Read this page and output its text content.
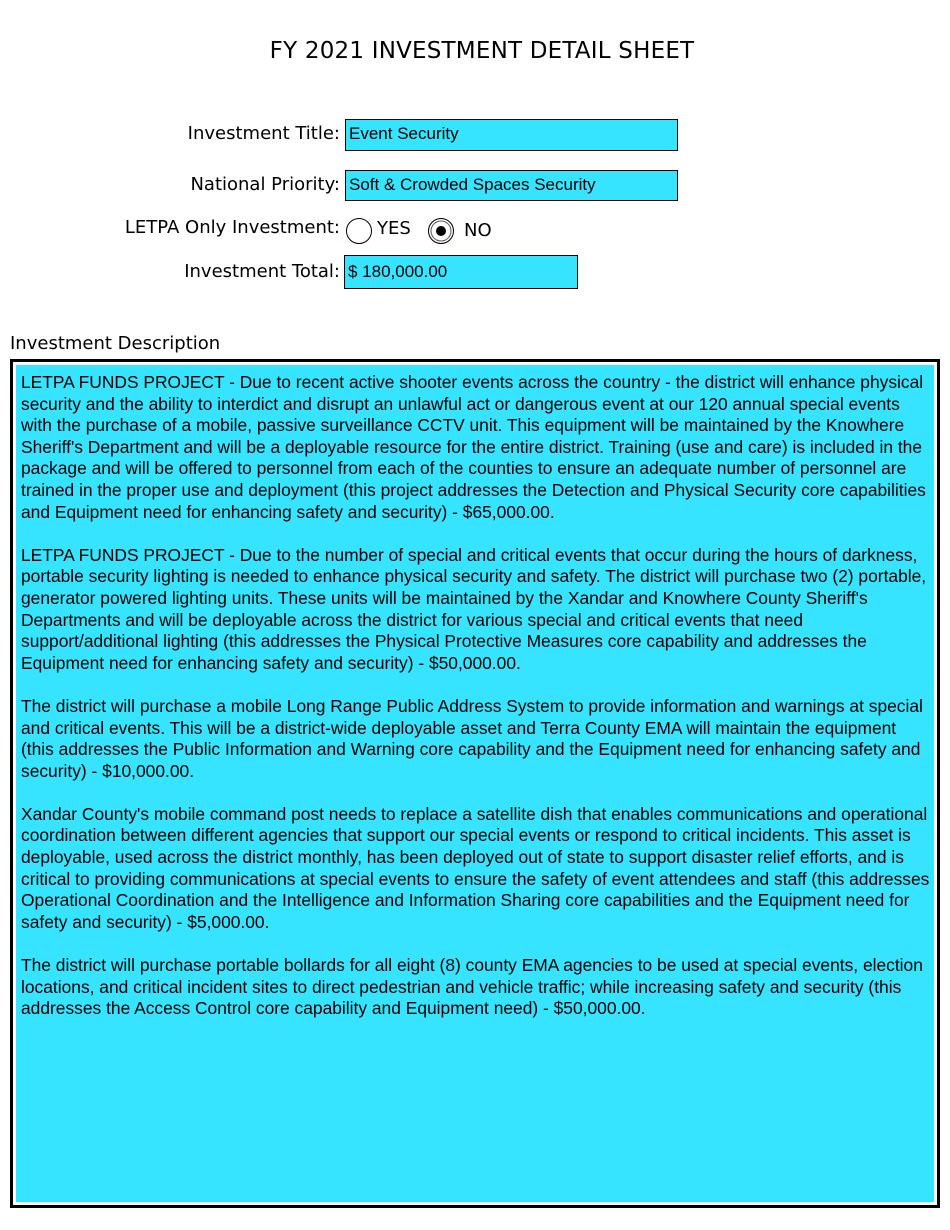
FY 2021 INVESTMENT DETAIL SHEET
Investment Title: Event Security
National Priority: Soft & Crowded Spaces Security
LETPA Only Investment: YES	NO
Investment Total: $ 180,000.00
Investment Description

LETPA FUNDS PROJECT - Due to recent active shooter events across the country - the district will enhance physical security and the ability to interdict and disrupt an unlawful act or dangerous event at our 120 annual special events with the purchase of a mobile, passive surveillance CCTV unit. This equipment will be maintained by the Knowhere Sheriff's Department and will be a deployable resource for the entire district. Training (use and care) is included in the package and will be offered to personnel from each of the counties to ensure an adequate number of personnel are trained in the proper use and deployment (this project addresses the Detection and Physical Security core capabilities and Equipment need for enhancing safety and security) - $65,000.00.

LETPA FUNDS PROJECT - Due to the number of special and critical events that occur during the hours of darkness, portable security lighting is needed to enhance physical security and safety. The district will purchase two (2) portable, generator powered lighting units. These units will be maintained by the Xandar and Knowhere County Sheriff's Departments and will be deployable across the district for various special and critical events that need support/additional lighting (this addresses the Physical Protective Measures core capability and addresses the Equipment need for enhancing safety and security) - $50,000.00.

The district will purchase a mobile Long Range Public Address System to provide information and warnings at special and critical events. This will be a district-wide deployable asset and Terra County EMA will maintain the equipment (this addresses the Public Information and Warning core capability and the Equipment need for enhancing safety and security) - $10,000.00.

Xandar County's mobile command post needs to replace a satellite dish that enables communications and operational coordination between different agencies that support our special events or respond to critical incidents. This asset is deployable, used across the district monthly, has been deployed out of state to support disaster relief efforts, and is critical to providing communications at special events to ensure the safety of event attendees and staff (this addresses Operational Coordination and the Intelligence and Information Sharing core capabilities and the Equipment need for safety and security) - $5,000.00.

The district will purchase portable bollards for all eight (8) county EMA agencies to be used at special events, election locations, and critical incident sites to direct pedestrian and vehicle traffic; while increasing safety and security (this addresses the Access Control core capability and Equipment need) - $50,000.00.
